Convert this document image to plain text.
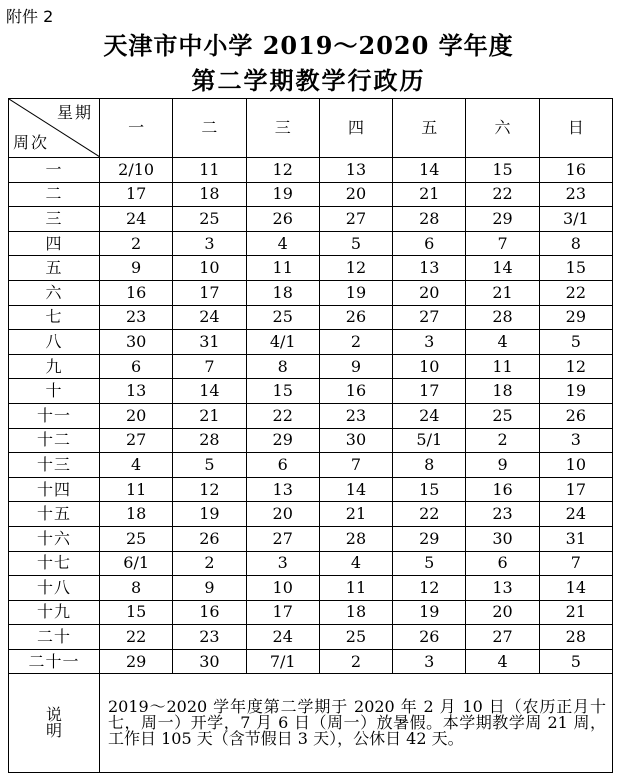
附件 2
天津市中小学 2019～2020 学年度
第二学期教学行政历
星期
周次	一	二	三	四	五	六	日
一	2/10	11	12	13	14	15	16
二	17	18	19	20	21	22	23
三	24	25	26	27	28	29	3/1
四	2	3	4	5	6	7	8
五	9	10	11	12	13	14	15
六	16	17	18	19	20	21	22
七	23	24	25	26	27	28	29
八	30	31	4/1	2	3	4	5
九	6	7	8	9	10	11	12
十	13	14	15	16	17	18	19
十一	20	21	22	23	24	25	26
十二	27	28	29	30	5/1	2	3
十三	4	5	6	7	8	9	10
十四	11	12	13	14	15	16	17
十五	18	19	20	21	22	23	24
十六	25	26	27	28	29	30	31
十七	6/1	2	3	4	5	6	7
十八	8	9	10	11	12	13	14
十九	15	16	17	18	19	20	21
二十	22	23	24	25	26	27	28
二十一	29	30	7/1	2	3	4	5

说
明	2019～2020 学年度第二学期于 2020 年 2 月 10 日（农历正月十七，周一）开学，7 月 6 日（周一）放暑假。本学期教学周 21 周，工作日 105 天（含节假日 3 天），公休日 42 天。						
